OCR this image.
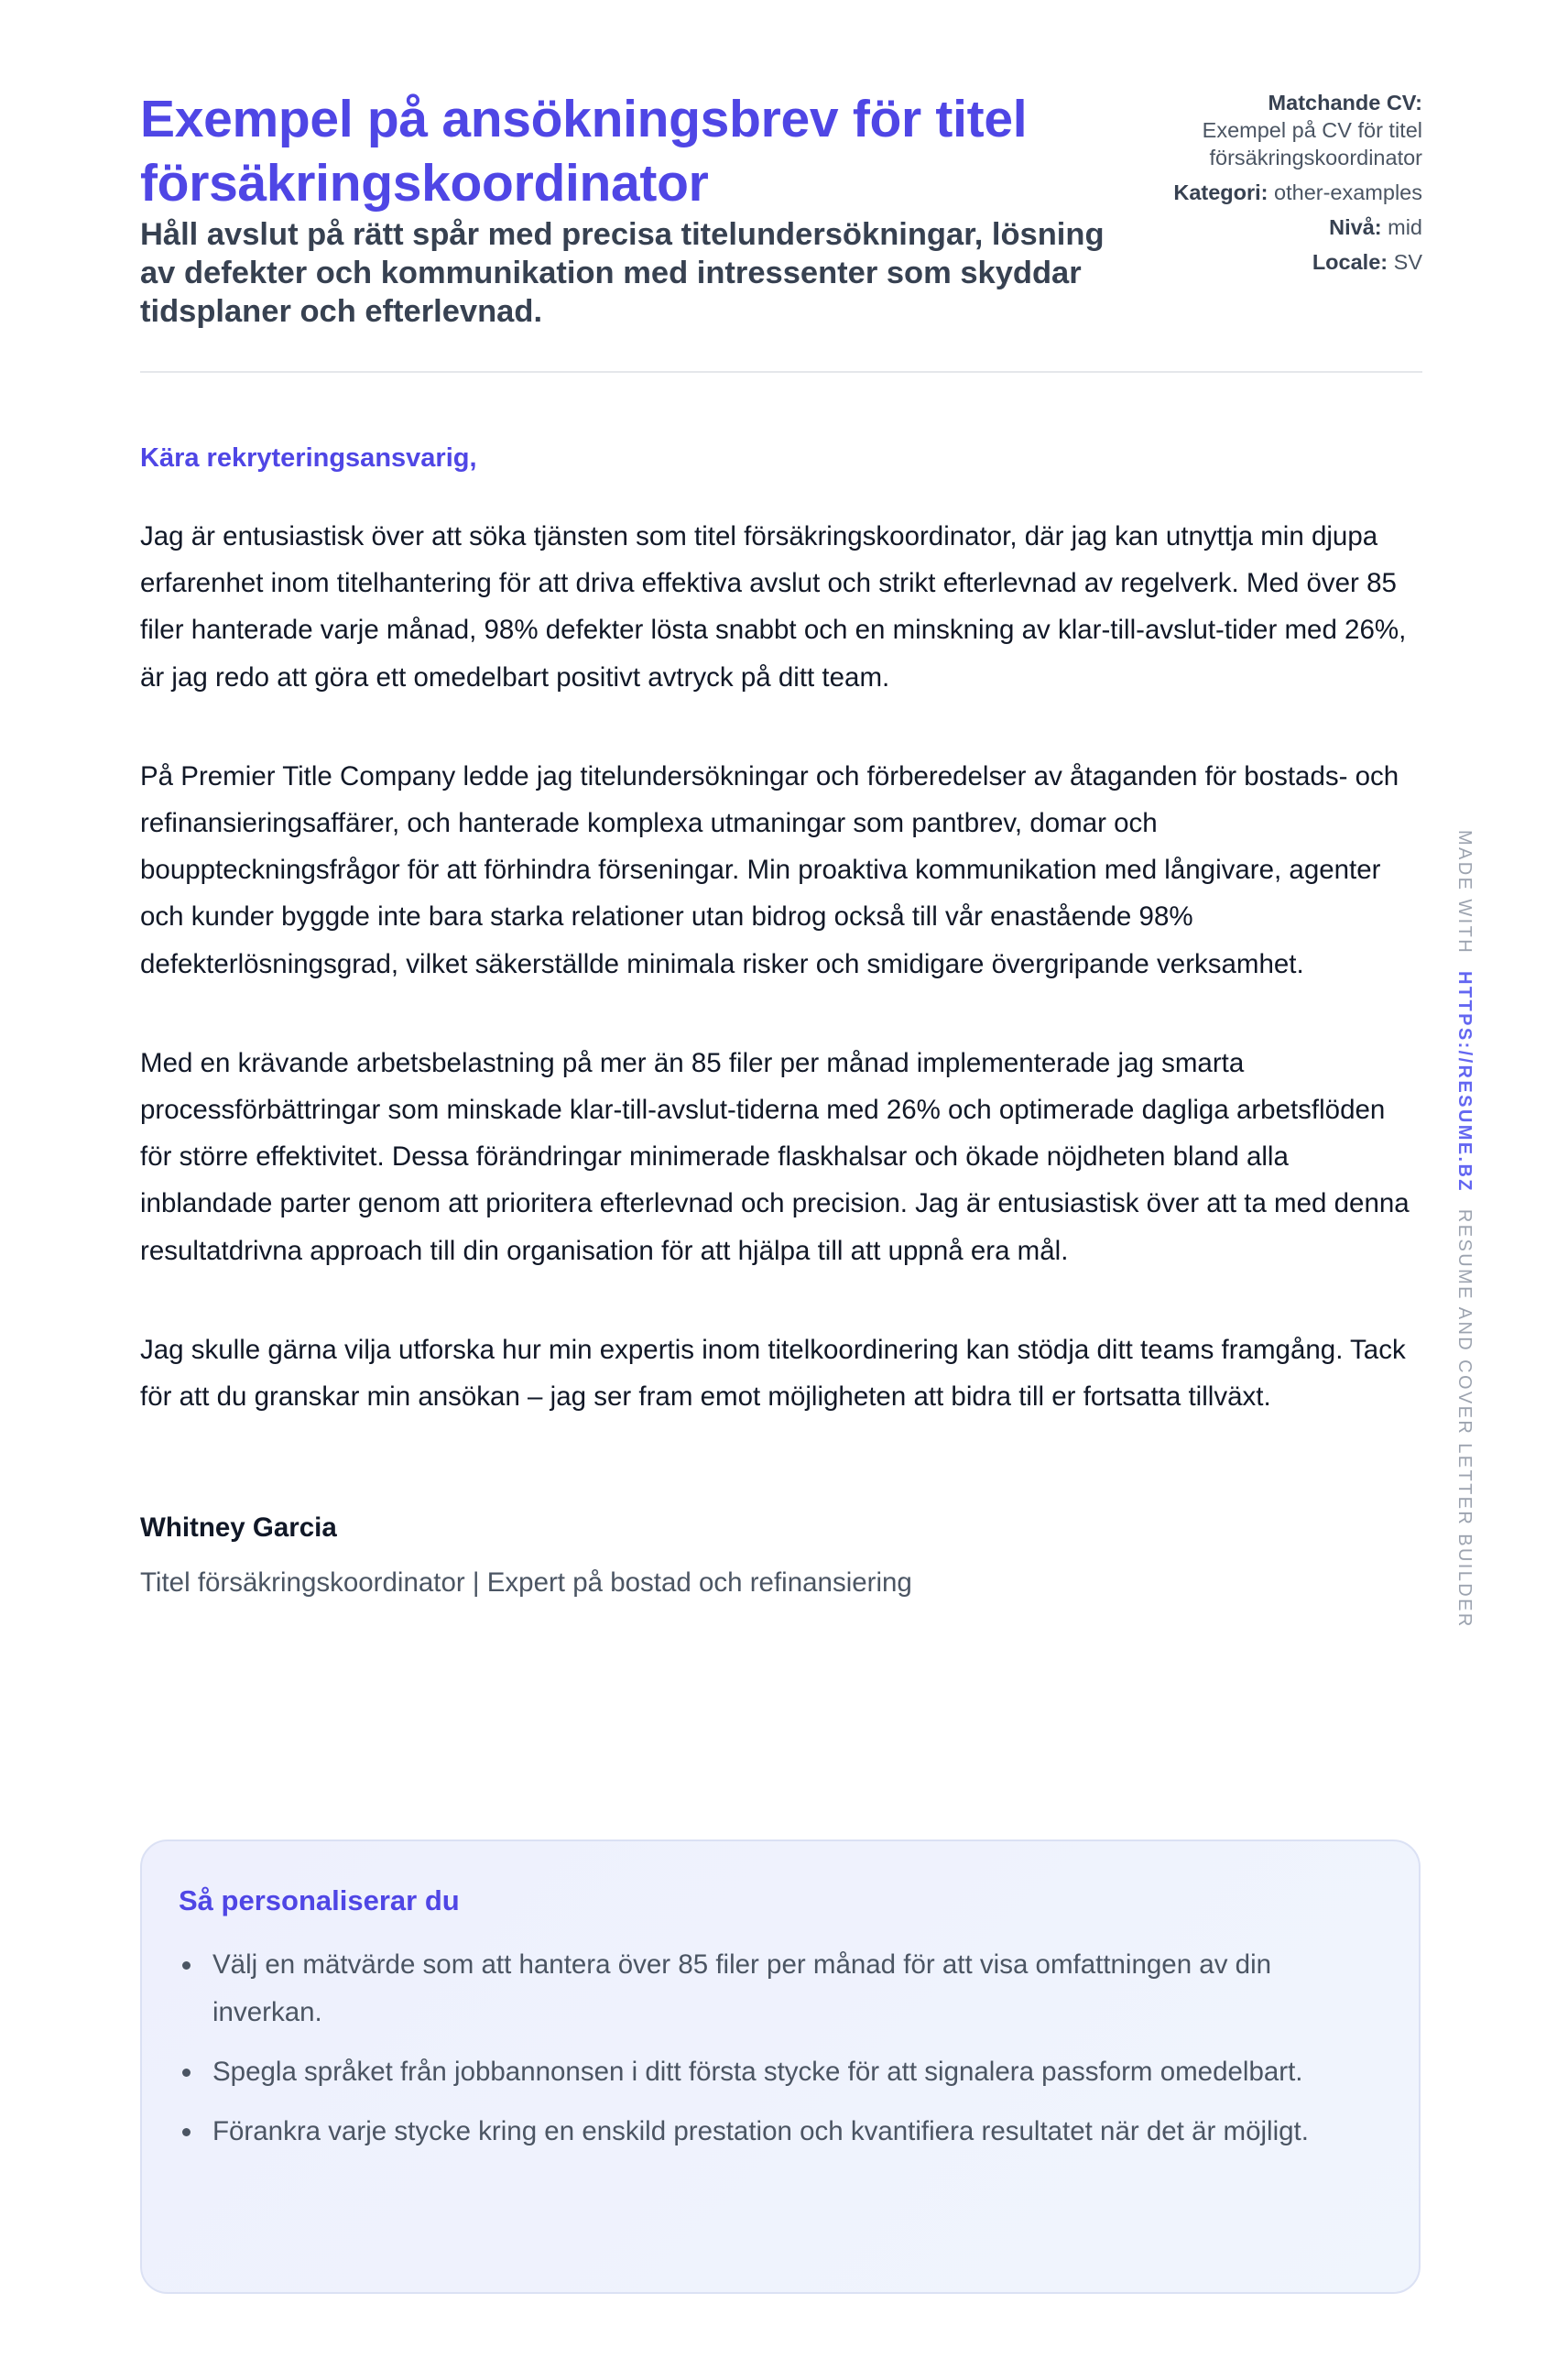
Exempel på ansökningsbrev för titel försäkringskoordinator
Håll avslut på rätt spår med precisa titelundersökningar, lösning av defekter och kommunikation med intressenter som skyddar tidsplaner och efterlevnad.
Matchande CV:
Exempel på CV för titel försäkringskoordinator
Kategori: other-examples
Nivå: mid
Locale: SV

Kära rekryteringsansvarig,

Jag är entusiastisk över att söka tjänsten som titel försäkringskoordinator, där jag kan utnyttja min djupa erfarenhet inom titelhantering för att driva effektiva avslut och strikt efterlevnad av regelverk. Med över 85 filer hanterade varje månad, 98% defekter lösta snabbt och en minskning av klar-till-avslut-tider med 26%, är jag redo att göra ett omedelbart positivt avtryck på ditt team.

På Premier Title Company ledde jag titelundersökningar och förberedelser av åtaganden för bostads- och refinansieringsaffärer, och hanterade komplexa utmaningar som pantbrev, domar och bouppteckningsfrågor för att förhindra förseningar. Min proaktiva kommunikation med långivare, agenter och kunder byggde inte bara starka relationer utan bidrog också till vår enastående 98% defekterlösningsgrad, vilket säkerställde minimala risker och smidigare övergripande verksamhet.

Med en krävande arbetsbelastning på mer än 85 filer per månad implementerade jag smarta processförbättringar som minskade klar-till-avslut-tiderna med 26% och optimerade dagliga arbetsflöden för större effektivitet. Dessa förändringar minimerade flaskhalsar och ökade nöjdheten bland alla inblandade parter genom att prioritera efterlevnad och precision. Jag är entusiastisk över att ta med denna resultatdrivna approach till din organisation för att hjälpa till att uppnå era mål.

Jag skulle gärna vilja utforska hur min expertis inom titelkoordinering kan stödja ditt teams framgång. Tack för att du granskar min ansökan – jag ser fram emot möjligheten att bidra till er fortsatta tillväxt.

Whitney Garcia

Titel försäkringskoordinator | Expert på bostad och refinansiering

Så personaliserar du
Välj en mätvärde som att hantera över 85 filer per månad för att visa omfattningen av din inverkan.
Spegla språket från jobbannonsen i ditt första stycke för att signalera passform omedelbart.
Förankra varje stycke kring en enskild prestation och kvantifiera resultatet när det är möjligt.
MADE WITH HTTPS://RESUME.BZ RESUME AND COVER LETTER BUILDER
